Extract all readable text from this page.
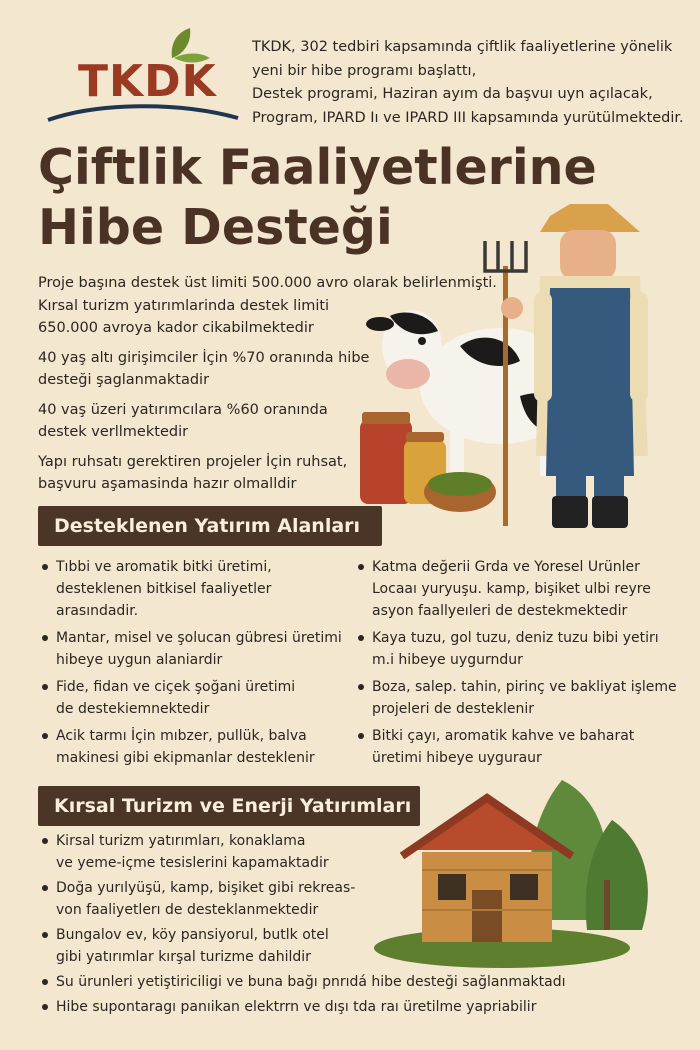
TKDK
TKDK, 302 tedbiri kapsamında çiftlik faaliyetlerine yönelik
yeni bir hibe programı başlattı,
Destek programi, Haziran ayım da başvuı uyn açılacak,
Program, IPARD Iı ve IPARD III kapsamında yurütülmektedir.
Çiftlik Faaliyetlerine
Hibe Desteği
Proje başına destek üst limiti 500.000 avro olarak belirlenmişti.
Kırsal turizm yatırımlarinda destek limiti
650.000 avroya kador cikabilmektedir
40 yaş altı girişimciler İçin %70 oranında hibe
desteği şaglanmaktadir
40 vaş üzeri yatırımcılara %60 oranında
destek verllmektedir
Yapı ruhsatı gerektiren projeler İçin ruhsat,
başvuru aşamasinda hazır olmalldir
Desteklenen Yatırım Alanları
Tıbbi ve aromatik bitki üretimi,
desteklenen bitkisel faaliyetler
arasındadir.
Mantar, misel ve şolucan gübresi üretimi
hibeye uygun alaniardir
Fide, fidan ve ciçek şoğani üretimi
de destekiemnektedir
Acik tarmı İçin mıbzer, pullük, balva
makinesi gibi ekipmanlar desteklenir
Katma değerii Grda ve Yoresel Urünler
Locaaı yuryuşu. kamp, bişiket ulbi reyre
asyon faallyeıleri de destekmektedir
Kaya tuzu, gol tuzu, deniz tuzu bibi yetirı
m.i hibeye uygurndur
Boza, salep. tahin, pirinç ve bakliyat işleme
projeleri de desteklenir
Bitki çayı, aromatik kahve ve baharat
üretimi hibeye uyguraur
Kırsal Turizm ve Enerji Yatırımları
Kirsal turizm yatırımları, konaklama
ve yeme-içme tesislerini kapamaktadir
Doğa yurılyüşü, kamp, bişiket gibi rekreas-
von faaliyetlerı de desteklanmektedir
Bungalov ev, köy pansiyorul, butlk otel
gibi yatırımlar kırşal turizme dahildir
Su ürunleri yetiştiriciligi ve buna bağı pnrıdá hibe desteği sağlanmaktadı
Hibe supontaragı panıikan elektrrn ve dışı tda raı üretilme yapriabilir
